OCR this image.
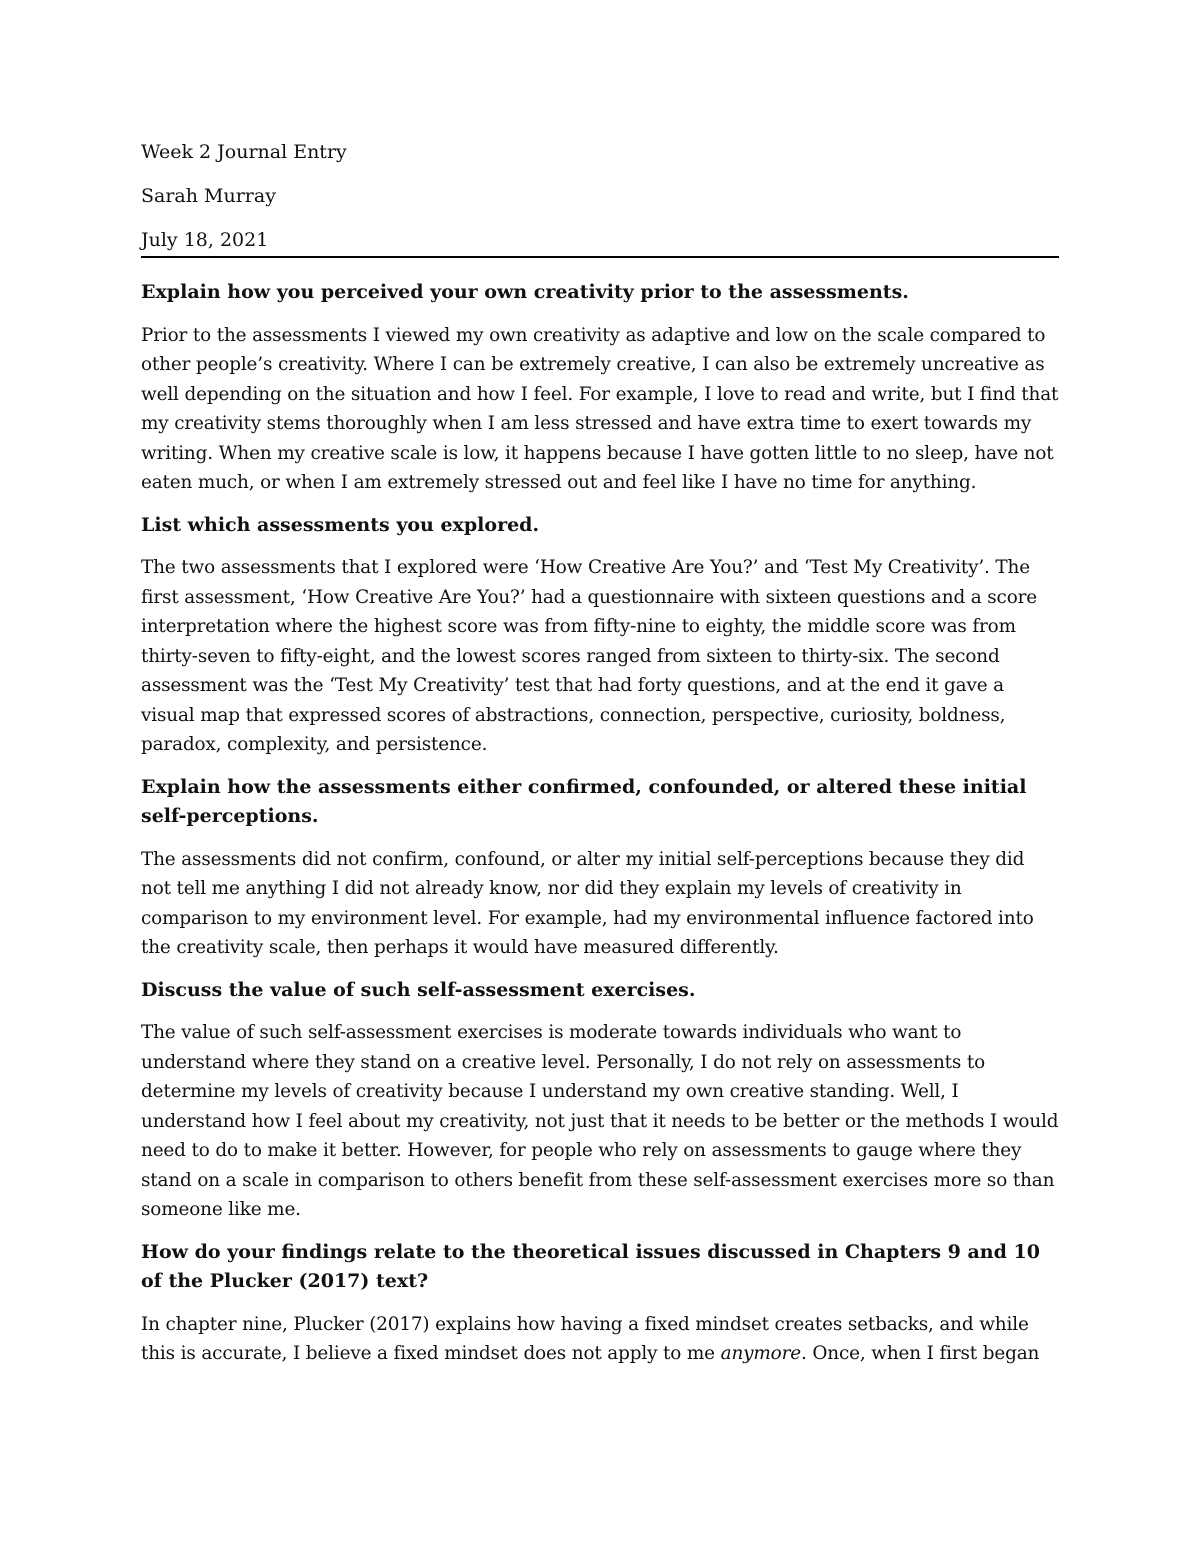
Week 2 Journal Entry
Sarah Murray
July 18, 2021

Explain how you perceived your own creativity prior to the assessments.

Prior to the assessments I viewed my own creativity as adaptive and low on the scale compared to other people’s creativity. Where I can be extremely creative, I can also be extremely uncreative as well depending on the situation and how I feel. For example, I love to read and write, but I find that my creativity stems thoroughly when I am less stressed and have extra time to exert towards my writing. When my creative scale is low, it happens because I have gotten little to no sleep, have not eaten much, or when I am extremely stressed out and feel like I have no time for anything.

List which assessments you explored.

The two assessments that I explored were ‘How Creative Are You?’ and ‘Test My Creativity’. The first assessment, ‘How Creative Are You?’ had a questionnaire with sixteen questions and a score interpretation where the highest score was from fifty-nine to eighty, the middle score was from thirty-seven to fifty-eight, and the lowest scores ranged from sixteen to thirty-six. The second assessment was the ‘Test My Creativity’ test that had forty questions, and at the end it gave a visual map that expressed scores of abstractions, connection, perspective, curiosity, boldness, paradox, complexity, and persistence.

Explain how the assessments either confirmed, confounded, or altered these initial self-perceptions.

The assessments did not confirm, confound, or alter my initial self-perceptions because they did not tell me anything I did not already know, nor did they explain my levels of creativity in comparison to my environment level. For example, had my environmental influence factored into the creativity scale, then perhaps it would have measured differently.

Discuss the value of such self-assessment exercises.

The value of such self-assessment exercises is moderate towards individuals who want to understand where they stand on a creative level. Personally, I do not rely on assessments to determine my levels of creativity because I understand my own creative standing. Well, I understand how I feel about my creativity, not just that it needs to be better or the methods I would need to do to make it better. However, for people who rely on assessments to gauge where they stand on a scale in comparison to others benefit from these self-assessment exercises more so than someone like me.

How do your findings relate to the theoretical issues discussed in Chapters 9 and 10 of the Plucker (2017) text?

In chapter nine, Plucker (2017) explains how having a fixed mindset creates setbacks, and while this is accurate, I believe a fixed mindset does not apply to me anymore. Once, when I first began
